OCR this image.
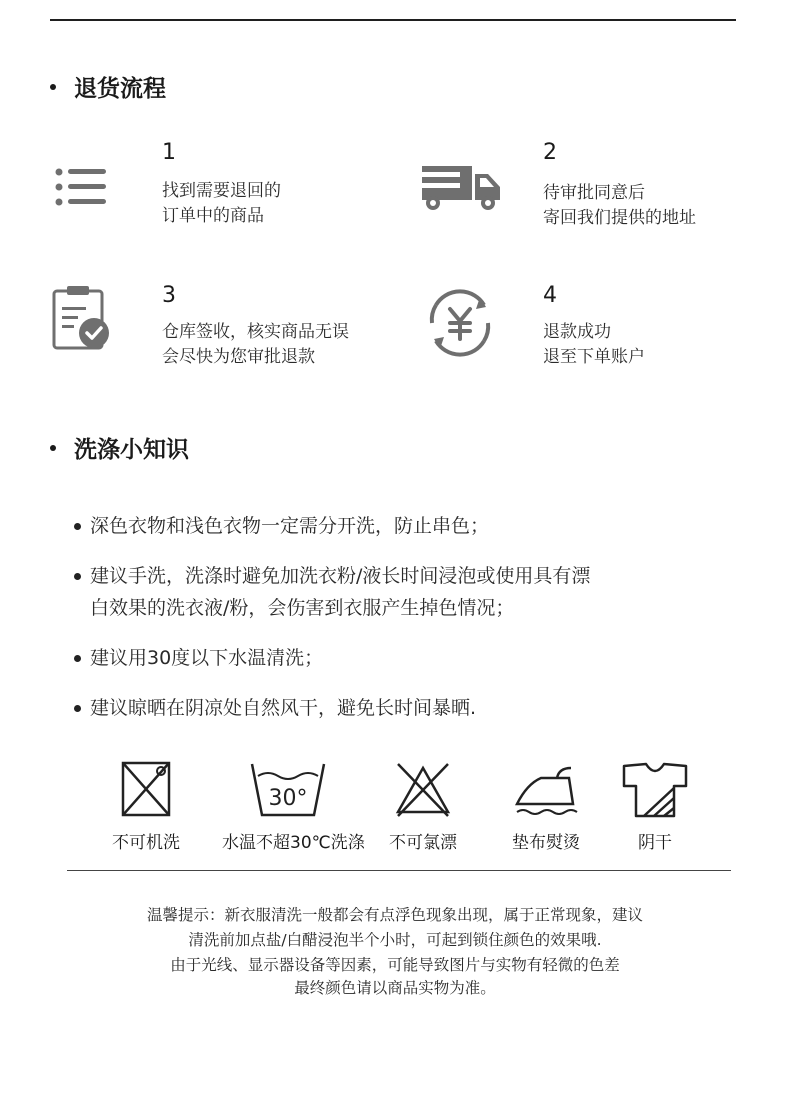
退货流程
1
找到需要退回的
订单中的商品
2
待审批同意后
寄回我们提供的地址
3
仓库签收，核实商品无误
会尽快为您审批退款
4
退款成功
退至下单账户
洗涤小知识
深色衣物和浅色衣物一定需分开洗，防止串色；
建议手洗，洗涤时避免加洗衣粉/液长时间浸泡或使用具有漂
白效果的洗衣液/粉，会伤害到衣服产生掉色情况；
建议用30度以下水温清洗；
建议晾晒在阴凉处自然风干，避免长时间暴晒.
不可机洗
30°
水温不超30℃洗涤	不可氯漂	垫布熨烫	阴干
温馨提示：新衣服清洗一般都会有点浮色现象出现，属于正常现象，建议
清洗前加点盐/白醋浸泡半个小时，可起到锁住颜色的效果哦.
由于光线、显示器设备等因素，可能导致图片与实物有轻微的色差
最终颜色请以商品实物为准。
